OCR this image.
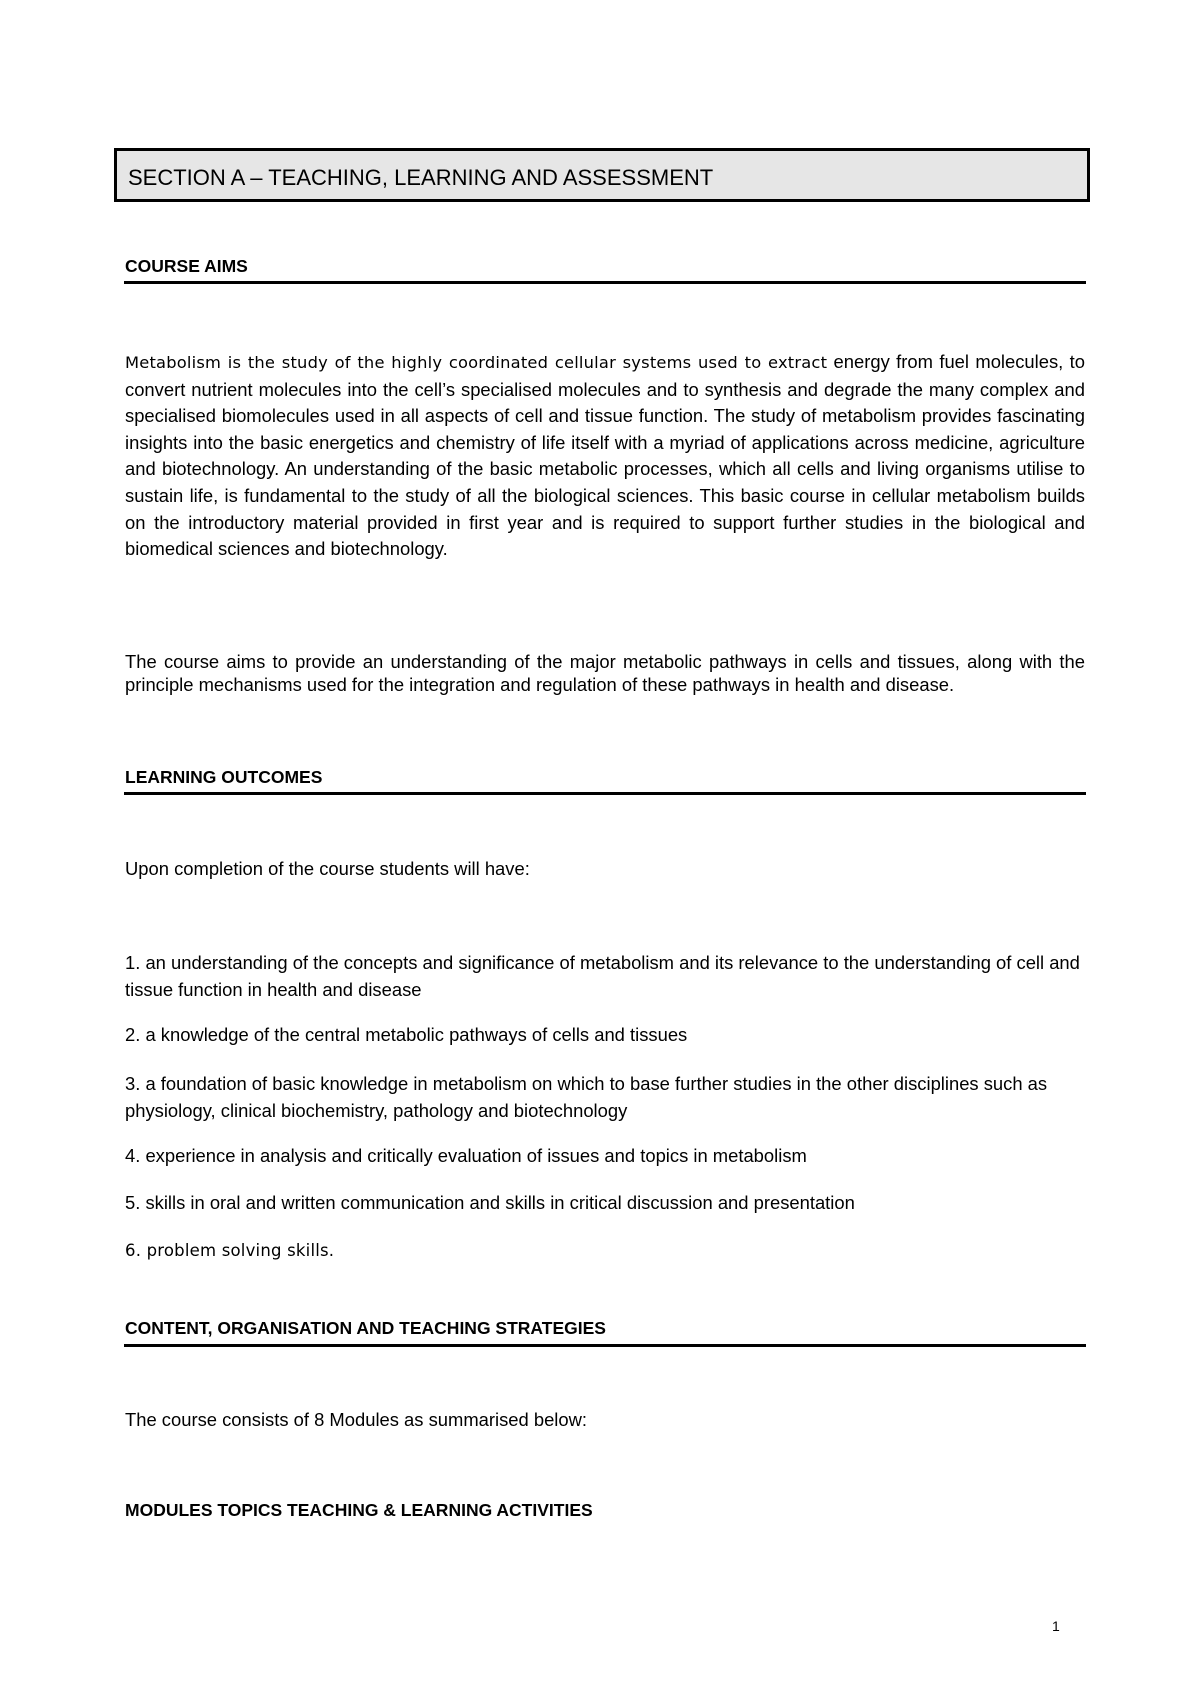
SECTION A – TEACHING, LEARNING AND ASSESSMENT
COURSE AIMS
Metabolism is the study of the highly coordinated cellular systems used to extract energy from fuel molecules, to convert nutrient molecules into the cell’s specialised molecules and to synthesis and degrade the many complex and specialised biomolecules used in all aspects of cell and tissue function. The study of metabolism provides fascinating insights into the basic energetics and chemistry of life itself with a myriad of applications across medicine, agriculture and biotechnology. An understanding of the basic metabolic processes, which all cells and living organisms utilise to sustain life, is fundamental to the study of all the biological sciences. This basic course in cellular metabolism builds on the introductory material provided in first year and is required to support further studies in the biological and biomedical sciences and biotechnology.
The course aims to provide an understanding of the major metabolic pathways in cells and tissues, along with the principle mechanisms used for the integration and regulation of these pathways in health and disease.
LEARNING OUTCOMES
Upon completion of the course students will have:
1. an understanding of the concepts and significance of metabolism and its relevance to the understanding of cell and tissue function in health and disease
2. a knowledge of the central metabolic pathways of cells and tissues
3. a foundation of basic knowledge in metabolism on which to base further studies in the other disciplines such as physiology, clinical biochemistry, pathology and biotechnology
4. experience in analysis and critically evaluation of issues and topics in metabolism
5. skills in oral and written communication and skills in critical discussion and presentation
6. problem solving skills.
CONTENT, ORGANISATION AND TEACHING STRATEGIES
The course consists of 8 Modules as summarised below:
MODULES TOPICS TEACHING & LEARNING ACTIVITIES
1
